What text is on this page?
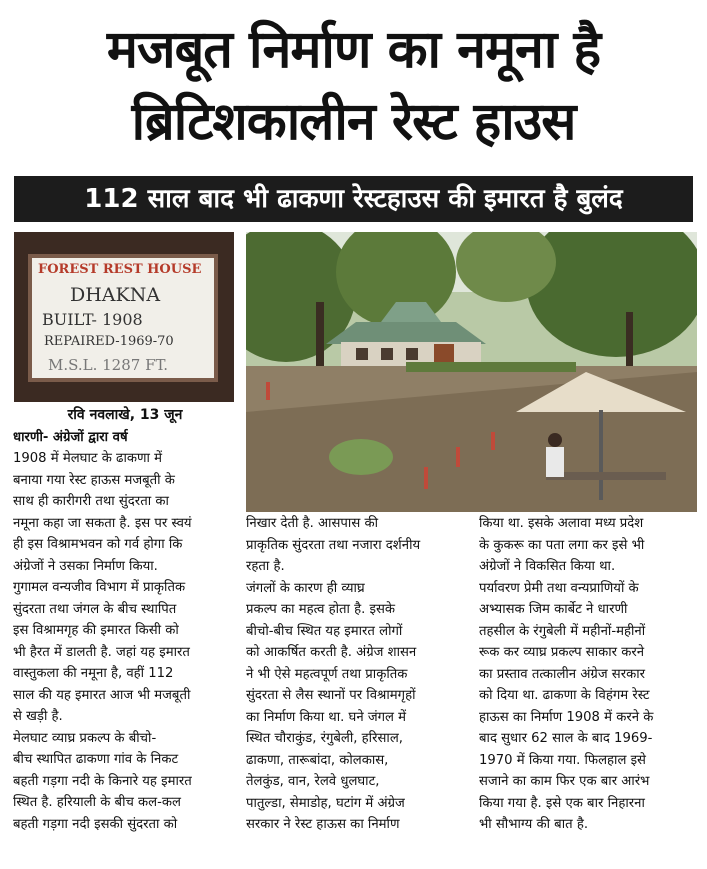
मजबूत निर्माण का नमूना है
ब्रिटिशकालीन रेस्ट हाउस
112 साल बाद भी ढाकणा रेस्टहाउस की इमारत है बुलंद
FOREST REST HOUSE
DHAKNA
BUILT- 1908
REPAIRED-1969-70
M.S.L. 1287 FT.
रवि नवलाखे, 13 जून
धारणी- अंग्रेजों द्वारा वर्ष
1908 में मेलघाट के ढाकणा में
बनाया गया रेस्ट हाऊस मजबूती के
साथ ही कारीगरी तथा सुंदरता का
नमूना कहा जा सकता है. इस पर स्वयं
ही इस विश्रामभवन को गर्व होगा कि
अंग्रेजों ने उसका निर्माण किया.
गुगामल वन्यजीव विभाग में प्राकृतिक
सुंदरता तथा जंगल के बीच स्थापित
इस विश्रामगृह की इमारत किसी को
भी हैरत में डालती है. जहां यह इमारत
वास्तुकला की नमूना है, वहीं 112
साल की यह इमारत आज भी मजबूती
से खड़ी है.
मेलघाट व्याघ्र प्रकल्प के बीचो-
बीच स्थापित ढाकणा गांव के निकट
बहती गड़गा नदी के किनारे यह इमारत
स्थित है. हरियाली के बीच कल-कल
बहती गड़गा नदी इसकी सुंदरता को
निखार देती है. आसपास की
प्राकृतिक सुंदरता तथा नजारा दर्शनीय
रहता है.
जंगलों के कारण ही व्याघ्र
प्रकल्प का महत्व होता है. इसके
बीचो-बीच स्थित यह इमारत लोगों
को आकर्षित करती है. अंग्रेज शासन
ने भी ऐसे महत्वपूर्ण तथा प्राकृतिक
सुंदरता से लैस स्थानों पर विश्रामगृहों
का निर्माण किया था. घने जंगल में
स्थित चौराकुंड, रंगुबेली, हरिसाल,
ढाकणा, तारूबांदा, कोलकास,
तेलकुंड, वान, रेलवे धुलघाट,
पातुल्डा, सेमाडोह, घटांग में अंग्रेज
सरकार ने रेस्ट हाऊस का निर्माण
किया था. इसके अलावा मध्य प्रदेश
के कुकरू का पता लगा कर इसे भी
अंग्रेजों ने विकसित किया था.
पर्यावरण प्रेमी तथा वन्यप्राणियों के
अभ्यासक जिम कार्बेट ने धारणी
तहसील के रंगुबेली में महीनों-महीनों
रूक कर व्याघ्र प्रकल्प साकार करने
का प्रस्ताव तत्कालीन अंग्रेज सरकार
को दिया था. ढाकणा के विहंगम रेस्ट
हाऊस का निर्माण 1908 में करने के
बाद सुधार 62 साल के बाद 1969-
1970 में किया गया. फिलहाल इसे
सजाने का काम फिर एक बार आरंभ
किया गया है. इसे एक बार निहारना
भी सौभाग्य की बात है.
